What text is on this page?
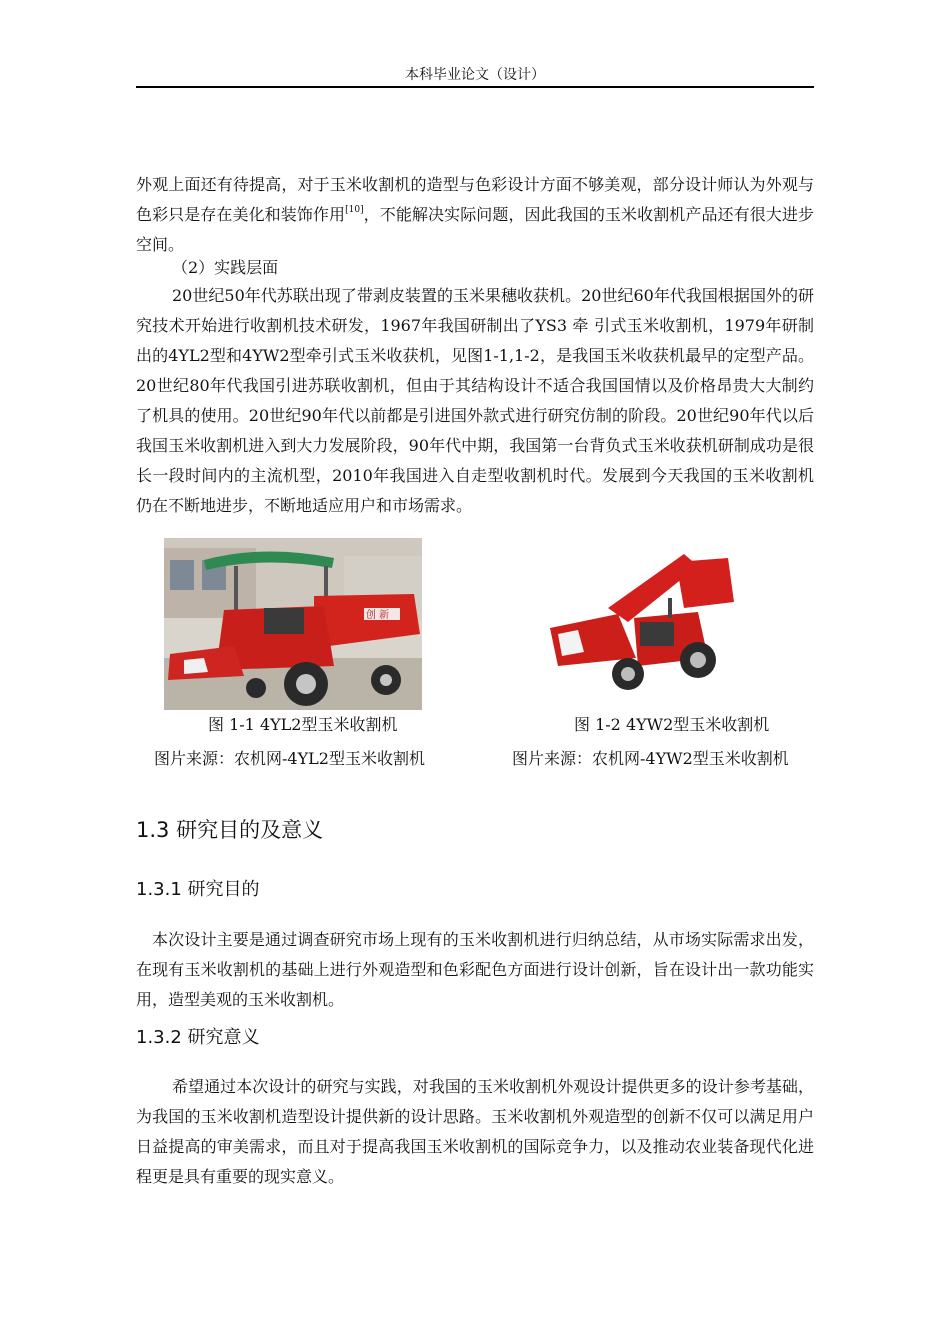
本科毕业论文（设计）

外观上面还有待提高，对于玉米收割机的造型与色彩设计方面不够美观，部分设计师认为外观与色彩只是存在美化和装饰作用[10]，不能解决实际问题，因此我国的玉米收割机产品还有很大进步空间。

（2）实践层面

20世纪50年代苏联出现了带剥皮装置的玉米果穗收获机。20世纪60年代我国根据国外的研究技术开始进行收割机技术研发，1967年我国研制出了YS3 牵 引式玉米收割机，1979年研制出的4YL2型和4YW2型牵引式玉米收获机，见图1-1,1-2，是我国玉米收获机最早的定型产品。20世纪80年代我国引进苏联收割机，但由于其结构设计不适合我国国情以及价格昂贵大大制约了机具的使用。20世纪90年代以前都是引进国外款式进行研究仿制的阶段。20世纪90年代以后我国玉米收割机进入到大力发展阶段，90年代中期，我国第一台背负式玉米收获机研制成功是很长一段时间内的主流机型，2010年我国进入自走型收割机时代。发展到今天我国的玉米收割机仍在不断地进步，不断地适应用户和市场需求。

创 新
图 1-1 4YL2型玉米收割机	图 1-2 4YW2型玉米收割机
图片来源：农机网-4YL2型玉米收割机	图片来源：农机网-4YW2型玉米收割机
1.3 研究目的及意义
1.3.1 研究目的

本次设计主要是通过调查研究市场上现有的玉米收割机进行归纳总结，从市场实际需求出发，在现有玉米收割机的基础上进行外观造型和色彩配色方面进行设计创新，旨在设计出一款功能实用，造型美观的玉米收割机。

1.3.2 研究意义

希望通过本次设计的研究与实践，对我国的玉米收割机外观设计提供更多的设计参考基础，为我国的玉米收割机造型设计提供新的设计思路。玉米收割机外观造型的创新不仅可以满足用户日益提高的审美需求，而且对于提高我国玉米收割机的国际竞争力，以及推动农业装备现代化进程更是具有重要的现实意义。
